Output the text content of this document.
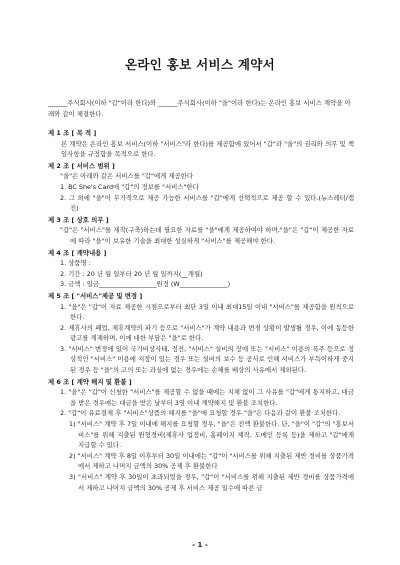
온라인 홍보 서비스 계약서
______주식회사(이하 "갑"이라 한다)와 ______주식회사(이하 "을"이라 한다)는 온라인 홍보 서비스 계약을 아래와 같이 체결한다.
제 1 조 [ 목 적 ]
본 계약은 온라인 홍보 서비스(이하 "서비스"라 한다)를 제공함에 있어서 "갑"과 "을"의 권리와 의무 및 책임사항을 규정함을 목적으로 한다.
제 2 조 [ 서비스 범위 ]
"을"은 아래와 같은 서비스를 "갑"에게 제공한다
1. BC She's Card에 "갑"의 정보를 "서비스"한다
2. 그 외에 "을"이 무가적으로 제공 가능한 서비스를 "갑"에게 선택적으로 제공 할 수 있다.(뉴스레터/캠진)
제 3 조 [ 상호 의무 ]
"갑"은 "서비스"를 제작(구축)하는데 필요한 자료를 "을"에게 제공하여야 하며,"을"은 "갑"이 제공한 자료에 따라 "을"이 보유한 기술을 최대한 성실하게 "서비스"를 제공해야 한다.
제 4 조 [ 계약내용 ]
1. 상품명 :
2. 기간 : 20 년 월 일부터 20 년 월 일까지(__개월)
3. 금액 : 일금__________________원정 (W_______________)
제 5 조 [ "서비스"제공 및 변경 ]
1. "을"은 "갑"이 자료 제공한 시점으로부터 최단 3일 이내 최대15일 이내 "서비스"를 제공함을 원칙으로 한다.
2. 제휴사의 폐업, 제휴계약의 파기 등으로 "서비스"가 계약 내용과 변경 상황이 발생될 경우, 이에 동등한 광고를 게재하며, 이에 대한 부담은 "을"로 한다.
3. "서비스" 변경에 있어 국가비상사태, 정전, "서비스" 설비의 장애 또는 "서비스" 이용의 폭주 등으로 정상적인 "서비스" 이용에 지장이 있는 경우 또는 설비의 보수 등 공사로 인해 서비스가 부득이하게 중지된 경우 등 "을"의 고의 또는 과실에 없는 경우에는 손해를 배상의 사유에서 제외된다.
제 6 조 [ 계약 해지 및 환불 ]
1. "을"은 "갑"이 신청한 "서비스"를 제공할 수 없을 때에는 지체 없이 그 사유를 "갑"에게 통지하고, 대금을 받은 경우에는 대금을 받은 날부터 3영 이내 계약해지 및 환불 조치한다.
2. "갑"이 유료결제 후 "서비스"상품의 해지를 "을"에 요청할 경우 "을"은 다음과 같이 환불 조치한다.
1) "서비스" 계약 후 7일 이내에 해지를 요청할 경우, "을"은 전액 환불한다. 단, "을"이 "갑"의 "홍보서비스"를 위해 지출된 원형경비(제휴사 업정비, 홈페이지 제작, 도메인 등록 등)을 제하고 "갑"에게 지급할 수 있다.
2) "서비스" 계약 후 8일 이후부터 30일 이내에는 "갑"이 "서비스를 위해 지출된 제반 경비를 상품가격에서 제하고 나머지 금액의 30% 공제 후 환불한다
3) "서비스" 계약 후 30일이 초과되었을 경우, "갑"이 "서비스를 위해 지출된 제반 경비를 상품가격에서 제하고 나머지 금액의 30% 공제 후 서비스 제공 일수에 따른 금
- 1 -
